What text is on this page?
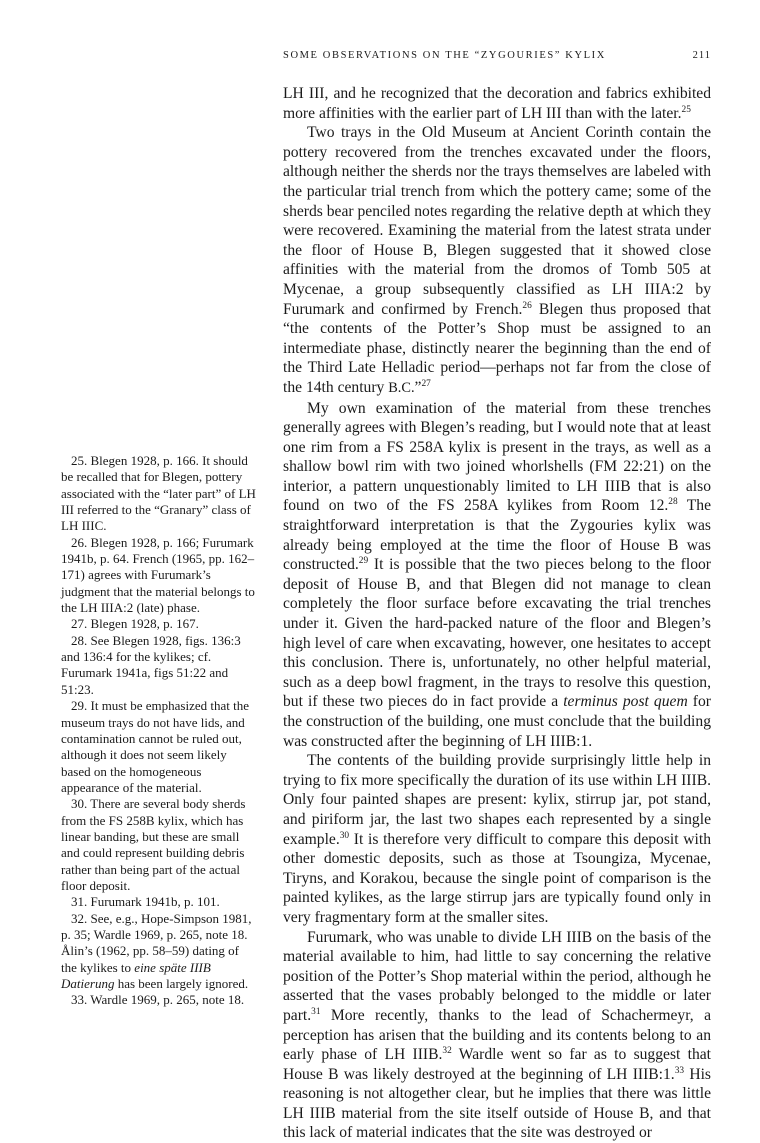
SOME OBSERVATIONS ON THE “ZYGOURIES” KYLIX	211

LH III, and he recognized that the decoration and fabrics exhibited more affinities with the earlier part of LH III than with the later.$^{25}$

Two trays in the Old Museum at Ancient Corinth contain the pottery recovered from the trenches excavated under the floors, although neither the sherds nor the trays themselves are labeled with the particular trial trench from which the pottery came; some of the sherds bear penciled notes regarding the relative depth at which they were recovered. Examining the material from the latest strata under the floor of House B, Blegen suggested that it showed close affinities with the material from the dromos of Tomb 505 at Mycenae, a group subsequently classified as LH IIIA:2 by Furumark and confirmed by French.$^{26}$ Blegen thus proposed that “the contents of the Potter’s Shop must be assigned to an intermediate phase, distinctly nearer the beginning than the end of the Third Late Helladic period—perhaps not far from the close of the 14th century B.C.”$^{27}$

My own examination of the material from these trenches generally agrees with Blegen’s reading, but I would note that at least one rim from a FS 258A kylix is present in the trays, as well as a shallow bowl rim with two joined whorlshells (FM 22:21) on the interior, a pattern unquestionably limited to LH IIIB that is also found on two of the FS 258A kylikes from Room 12.28 The straightforward interpretation is that the Zygouries kylix was already being employed at the time the floor of House B was constructed.$^{29}$ It is possible that the two pieces belong to the floor deposit of House B, and that Blegen did not manage to clean completely the floor surface before excavating the trial trenches under it. Given the hard-packed nature of the floor and Blegen’s high level of care when excavating, however, one hesitates to accept this conclusion. There is, unfortunately, no other helpful material, such as a deep bowl fragment, in the trays to resolve this question, but if these two pieces do in fact provide a terminus post quem for the construction of the building, one must conclude that the building was constructed after the beginning of LH IIIB:1.

The contents of the building provide surprisingly little help in trying to fix more specifically the duration of its use within LH IIIB. Only four painted shapes are present: kylix, stirrup jar, pot stand, and piriform jar, the last two shapes each represented by a single example.$^{30}$ It is therefore very difficult to compare this deposit with other domestic deposits, such as those at Tsoungiza, Mycenae, Tiryns, and Korakou, because the single point of comparison is the painted kylikes, as the large stirrup jars are typically found only in very fragmentary form at the smaller sites.

Furumark, who was unable to divide LH IIIB on the basis of the material available to him, had little to say concerning the relative position of the Potter’s Shop material within the period, although he asserted that the vases probably belonged to the middle or later part.$^{31}$ More recently, thanks to the lead of Schachermeyr, a perception has arisen that the building and its contents belong to an early phase of LH IIIB.$^{32}$ Wardle went so far as to suggest that House B was likely destroyed at the beginning of LH IIIB:1.33 His reasoning is not altogether clear, but he implies that there was little LH IIIB material from the site itself outside of House B, and that this lack of material indicates that the site was destroyed or

25. Blegen 1928, p. 166. It should be recalled that for Blegen, pottery associated with the “later part” of LH III referred to the “Granary” class of LH IIIC.

26. Blegen 1928, p. 166; Furumark 1941b, p. 64. French (1965, pp. 162–171) agrees with Furumark’s judgment that the material belongs to the LH IIIA:2 (late) phase.

27. Blegen 1928, p. 167.

28. See Blegen 1928, figs. 136:3 and 136:4 for the kylikes; cf. Furumark 1941a, figs 51:22 and 51:23.

29. It must be emphasized that the museum trays do not have lids, and contamination cannot be ruled out, although it does not seem likely based on the homogeneous appearance of the material.

30. There are several body sherds from the FS 258B kylix, which has linear banding, but these are small and could represent building debris rather than being part of the actual floor deposit.

31. Furumark 1941b, p. 101.

32. See, e.g., Hope-Simpson 1981, p. 35; Wardle 1969, p. 265, note 18. Ålin’s (1962, pp. 58–59) dating of the kylikes to eine späte IIIB Datierung has been largely ignored.

33. Wardle 1969, p. 265, note 18.
